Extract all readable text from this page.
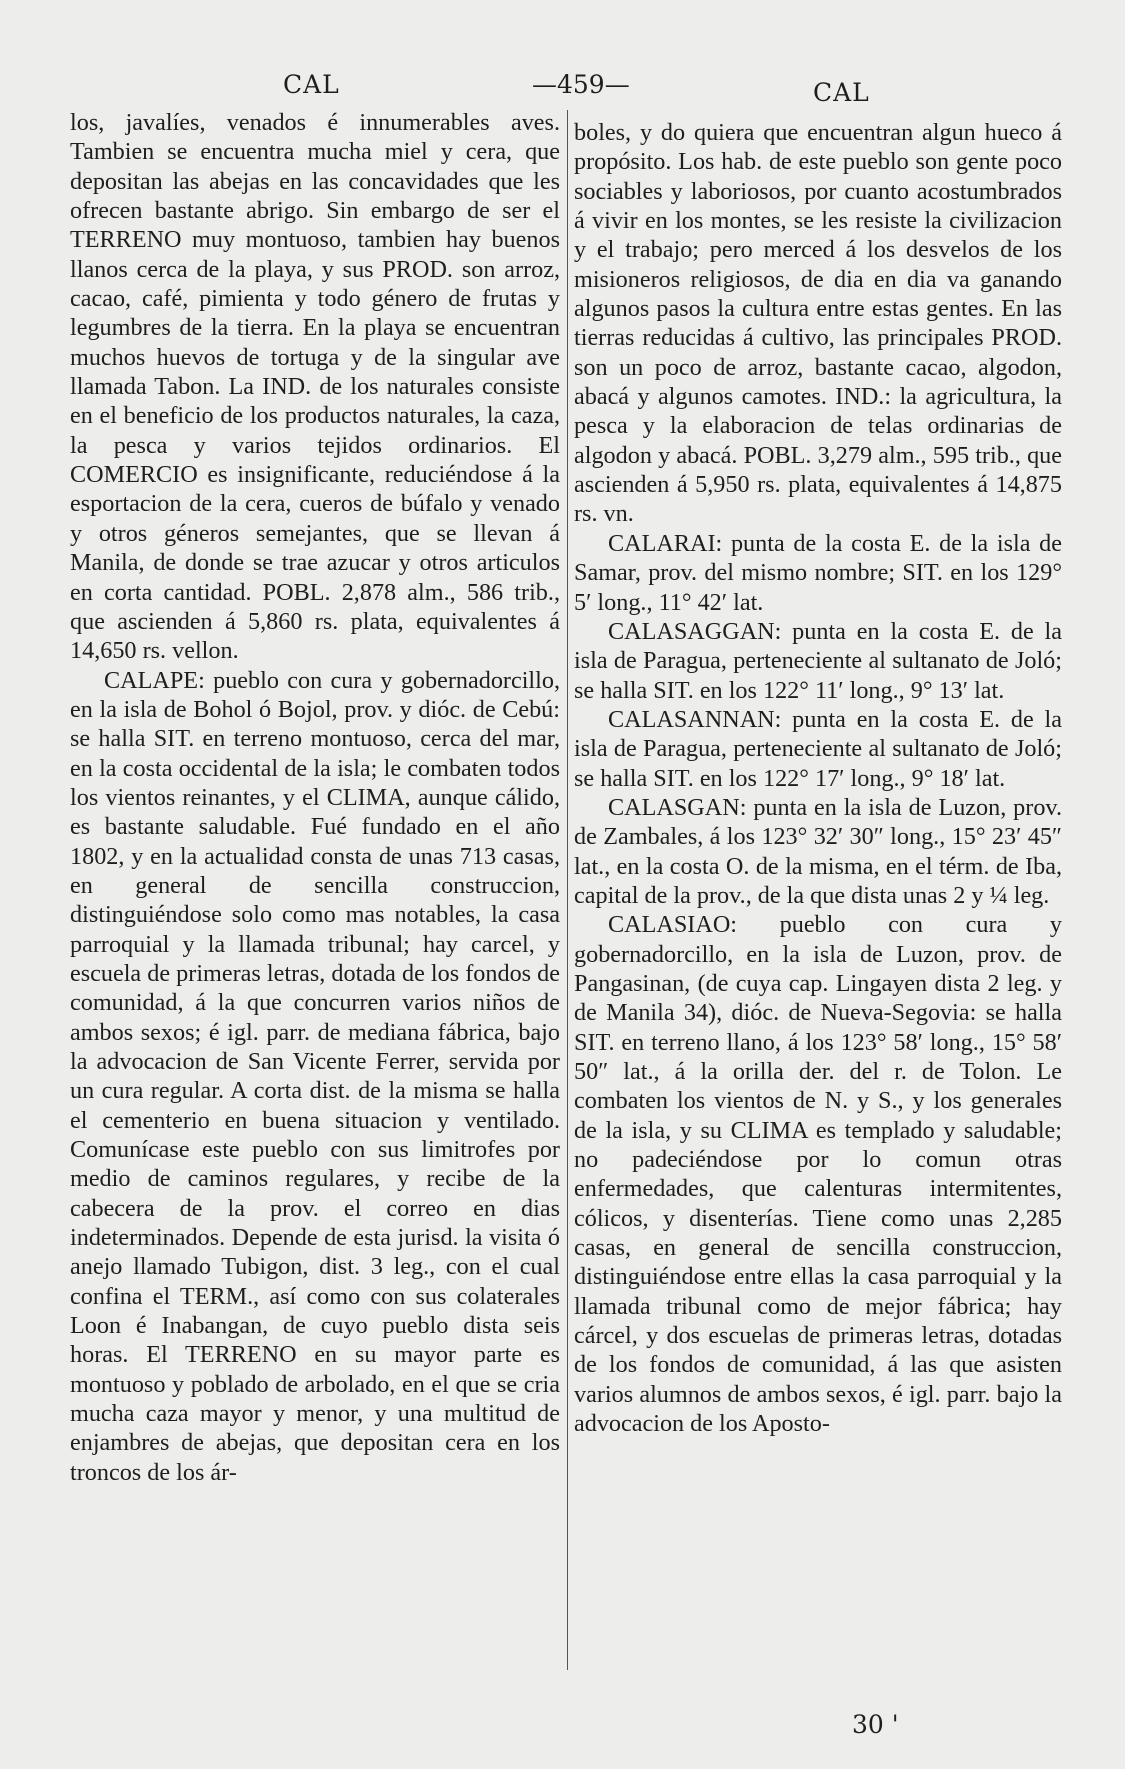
CAL	—459—	CAL

los, javalíes, venados é innumerables aves. Tambien se encuentra mucha miel y cera, que depositan las abejas en las concavidades que les ofrecen bastante abrigo. Sin embargo de ser el TERRENO muy montuoso, tambien hay buenos llanos cerca de la playa, y sus PROD. son arroz, cacao, café, pimienta y todo género de frutas y legumbres de la tierra. En la playa se encuentran muchos huevos de tortuga y de la singular ave llamada Tabon. La IND. de los naturales consiste en el beneficio de los productos naturales, la caza, la pesca y varios tejidos ordinarios. El COMERCIO es insignificante, reduciéndose á la esportacion de la cera, cueros de búfalo y venado y otros géneros semejantes, que se llevan á Manila, de donde se trae azucar y otros articulos en corta cantidad. POBL. 2,878 alm., 586 trib., que ascienden á 5,860 rs. plata, equivalentes á 14,650 rs. vellon.

CALAPE: pueblo con cura y gobernadorcillo, en la isla de Bohol ó Bojol, prov. y dióc. de Cebú: se halla SIT. en terreno montuoso, cerca del mar, en la costa occidental de la isla; le combaten todos los vientos reinantes, y el CLIMA, aunque cálido, es bastante saludable. Fué fundado en el año 1802, y en la actualidad consta de unas 713 casas, en general de sencilla construccion, distinguiéndose solo como mas notables, la casa parroquial y la llamada tribunal; hay carcel, y escuela de primeras letras, dotada de los fondos de comunidad, á la que concurren varios niños de ambos sexos; é igl. parr. de mediana fábrica, bajo la advocacion de San Vicente Ferrer, servida por un cura regular. A corta dist. de la misma se halla el cementerio en buena situacion y ventilado. Comunícase este pueblo con sus limitrofes por medio de caminos regulares, y recibe de la cabecera de la prov. el correo en dias indeterminados. Depende de esta jurisd. la visita ó anejo llamado Tubigon, dist. 3 leg., con el cual confina el TERM., así como con sus colaterales Loon é Inabangan, de cuyo pueblo dista seis horas. El TERRENO en su mayor parte es montuoso y poblado de arbolado, en el que se cria mucha caza mayor y menor, y una multitud de enjambres de abejas, que depositan cera en los troncos de los ár-

boles, y do quiera que encuentran algun hueco á propósito. Los hab. de este pueblo son gente poco sociables y laboriosos, por cuanto acostumbrados á vivir en los montes, se les resiste la civilizacion y el trabajo; pero merced á los desvelos de los misioneros religiosos, de dia en dia va ganando algunos pasos la cultura entre estas gentes. En las tierras reducidas á cultivo, las principales PROD. son un poco de arroz, bastante cacao, algodon, abacá y algunos camotes. IND.: la agricultura, la pesca y la elaboracion de telas ordinarias de algodon y abacá. POBL. 3,279 alm., 595 trib., que ascienden á 5,950 rs. plata, equivalentes á 14,875 rs. vn.

CALARAI: punta de la costa E. de la isla de Samar, prov. del mismo nombre; SIT. en los 129° 5′ long., 11° 42′ lat.

CALASAGGAN: punta en la costa E. de la isla de Paragua, perteneciente al sultanato de Joló; se halla SIT. en los 122° 11′ long., 9° 13′ lat.

CALASANNAN: punta en la costa E. de la isla de Paragua, perteneciente al sultanato de Joló; se halla SIT. en los 122° 17′ long., 9° 18′ lat.

CALASGAN: punta en la isla de Luzon, prov. de Zambales, á los 123° 32′ 30″ long., 15° 23′ 45″ lat., en la costa O. de la misma, en el térm. de Iba, capital de la prov., de la que dista unas 2 y ¼ leg.

CALASIAO: pueblo con cura y gobernadorcillo, en la isla de Luzon, prov. de Pangasinan, (de cuya cap. Lingayen dista 2 leg. y de Manila 34), dióc. de Nueva-Segovia: se halla SIT. en terreno llano, á los 123° 58′ long., 15° 58′ 50″ lat., á la orilla der. del r. de Tolon. Le combaten los vientos de N. y S., y los generales de la isla, y su CLIMA es templado y saludable; no padeciéndose por lo comun otras enfermedades, que calenturas intermitentes, cólicos, y disenterías. Tiene como unas 2,285 casas, en general de sencilla construccion, distinguiéndose entre ellas la casa parroquial y la llamada tribunal como de mejor fábrica; hay cárcel, y dos escuelas de primeras letras, dotadas de los fondos de comunidad, á las que asisten varios alumnos de ambos sexos, é igl. parr. bajo la advocacion de los Aposto-

30 '
